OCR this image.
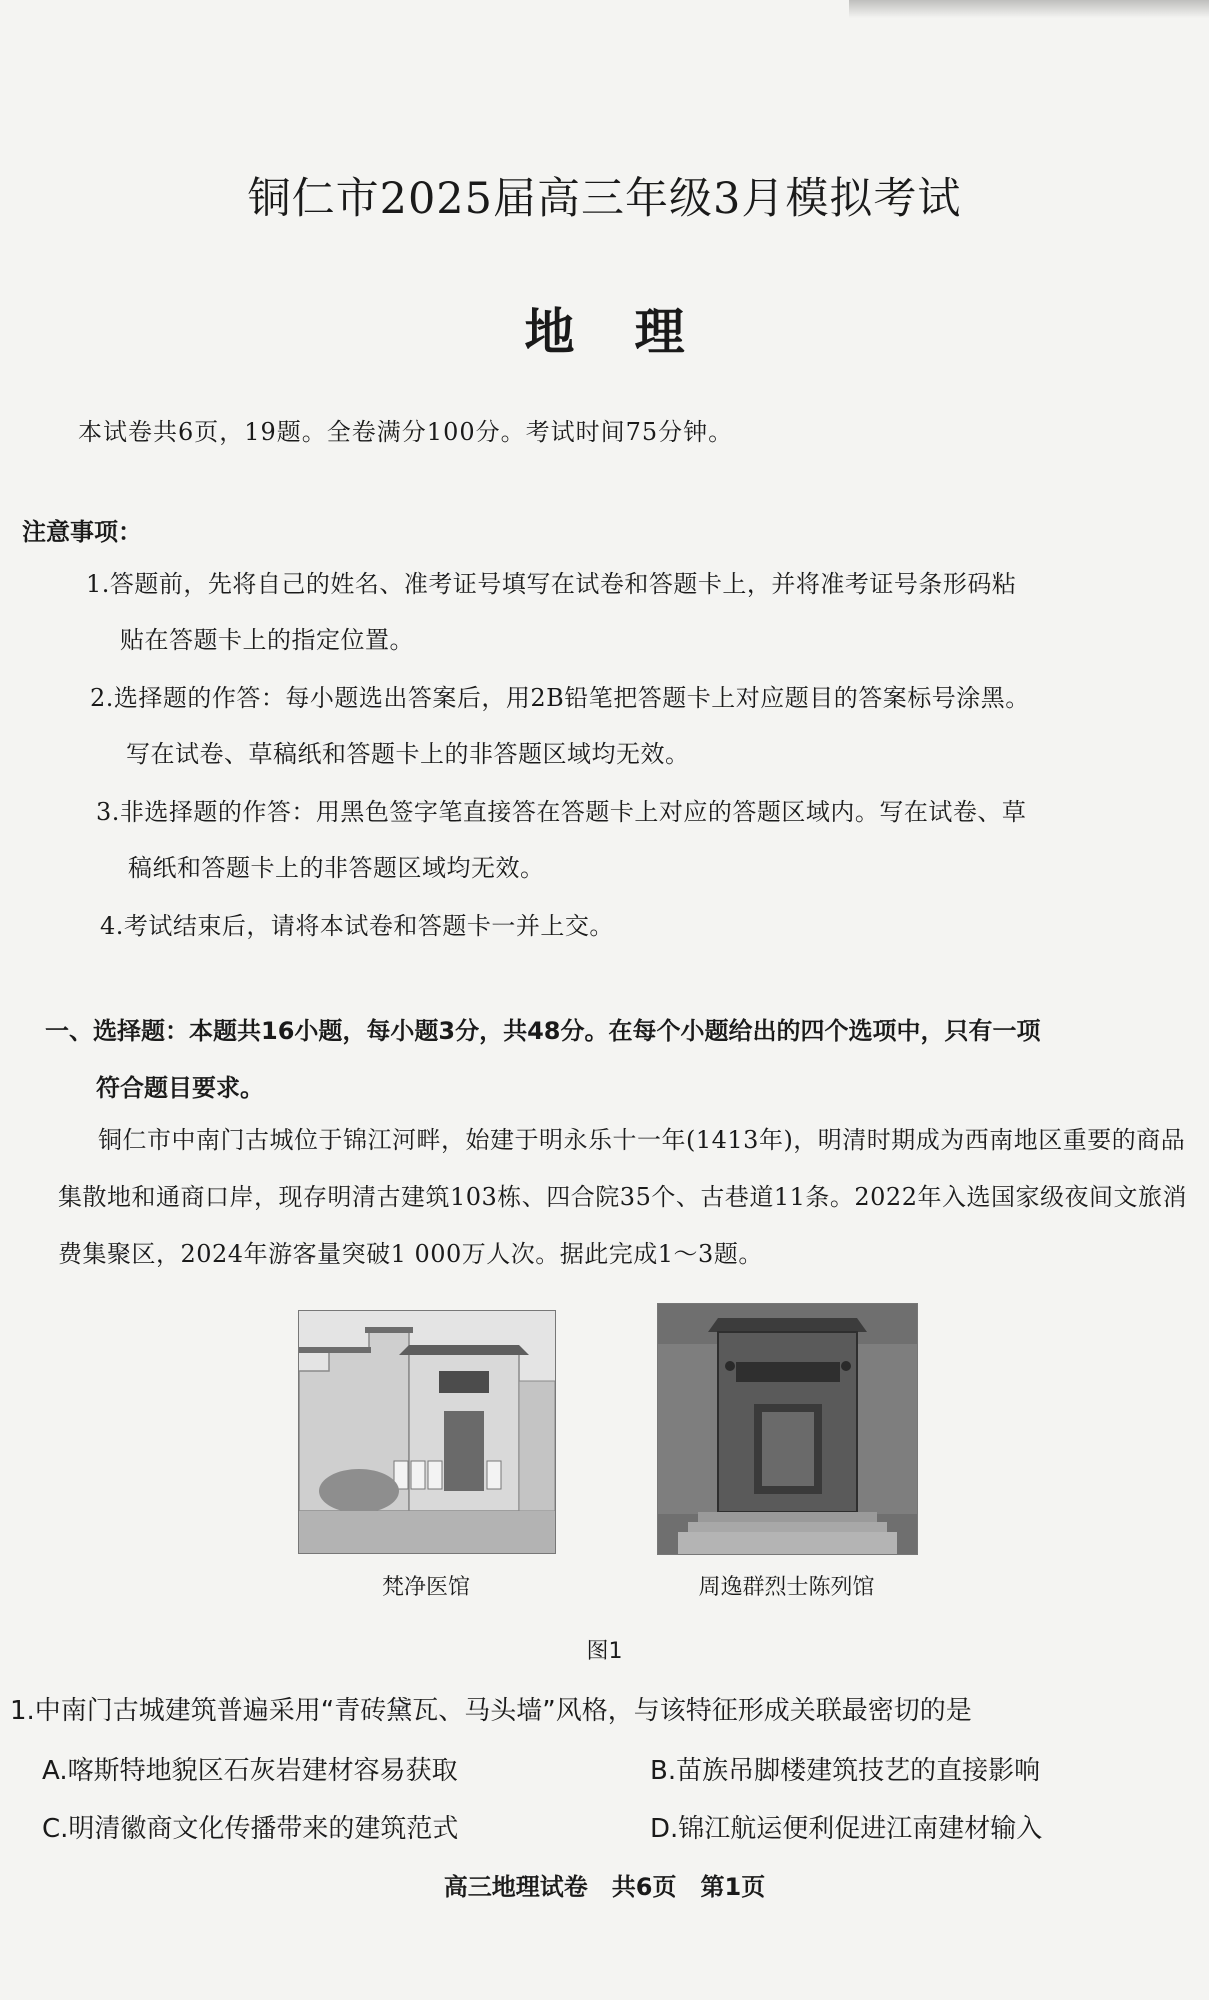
铜仁市2025届高三年级3月模拟考试
地理
本试卷共6页，19题。全卷满分100分。考试时间75分钟。
注意事项：
1.答题前，先将自己的姓名、准考证号填写在试卷和答题卡上，并将准考证号条形码粘
贴在答题卡上的指定位置。
2.选择题的作答：每小题选出答案后，用2B铅笔把答题卡上对应题目的答案标号涂黑。
写在试卷、草稿纸和答题卡上的非答题区域均无效。
3.非选择题的作答：用黑色签字笔直接答在答题卡上对应的答题区域内。写在试卷、草
稿纸和答题卡上的非答题区域均无效。
4.考试结束后，请将本试卷和答题卡一并上交。
一、选择题：本题共16小题，每小题3分，共48分。在每个小题给出的四个选项中，只有一项
符合题目要求。
铜仁市中南门古城位于锦江河畔，始建于明永乐十一年(1413年)，明清时期成为西南地区重要的商品集散地和通商口岸，现存明清古建筑103栋、四合院35个、古巷道11条。2022年入选国家级夜间文旅消费集聚区，2024年游客量突破1 000万人次。据此完成1～3题。
梵净医馆	周逸群烈士陈列馆
图1
1.中南门古城建筑普遍采用“青砖黛瓦、马头墙”风格，与该特征形成关联最密切的是
A.喀斯特地貌区石灰岩建材容易获取	B.苗族吊脚楼建筑技艺的直接影响
C.明清徽商文化传播带来的建筑范式	D.锦江航运便利促进江南建材输入
高三地理试卷　共6页　第1页
